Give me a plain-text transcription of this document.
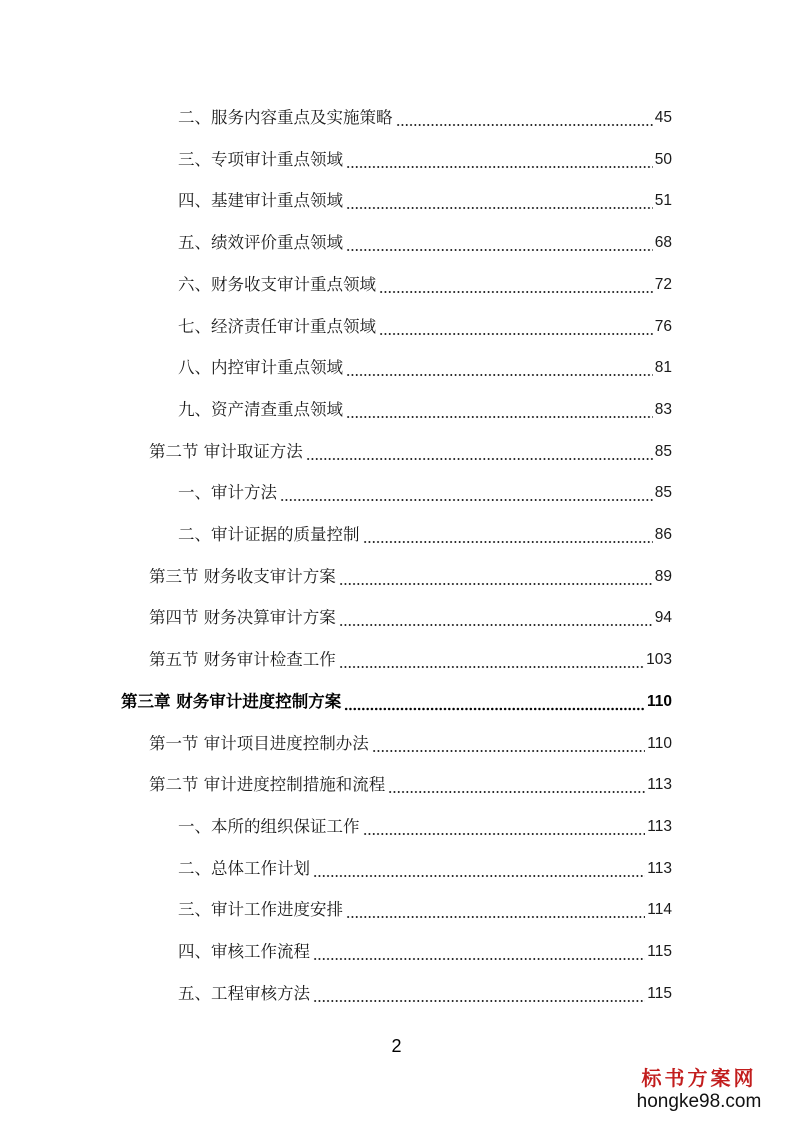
二、服务内容重点及实施策略	45
三、专项审计重点领域	50
四、基建审计重点领域	51
五、绩效评价重点领域	68
六、财务收支审计重点领域	72
七、经济责任审计重点领域	76
八、内控审计重点领域	81
九、资产清查重点领域	83
第二节 审计取证方法	85
一、审计方法	85
二、审计证据的质量控制	86
第三节 财务收支审计方案	89
第四节 财务决算审计方案	94
第五节 财务审计检查工作	103
第三章 财务审计进度控制方案	110
第一节 审计项目进度控制办法	110
第二节 审计进度控制措施和流程	113
一、本所的组织保证工作	113
二、总体工作计划	113
三、审计工作进度安排	114
四、审核工作流程	115
五、工程审核方法	115
2
标书方案网
hongke98.com
